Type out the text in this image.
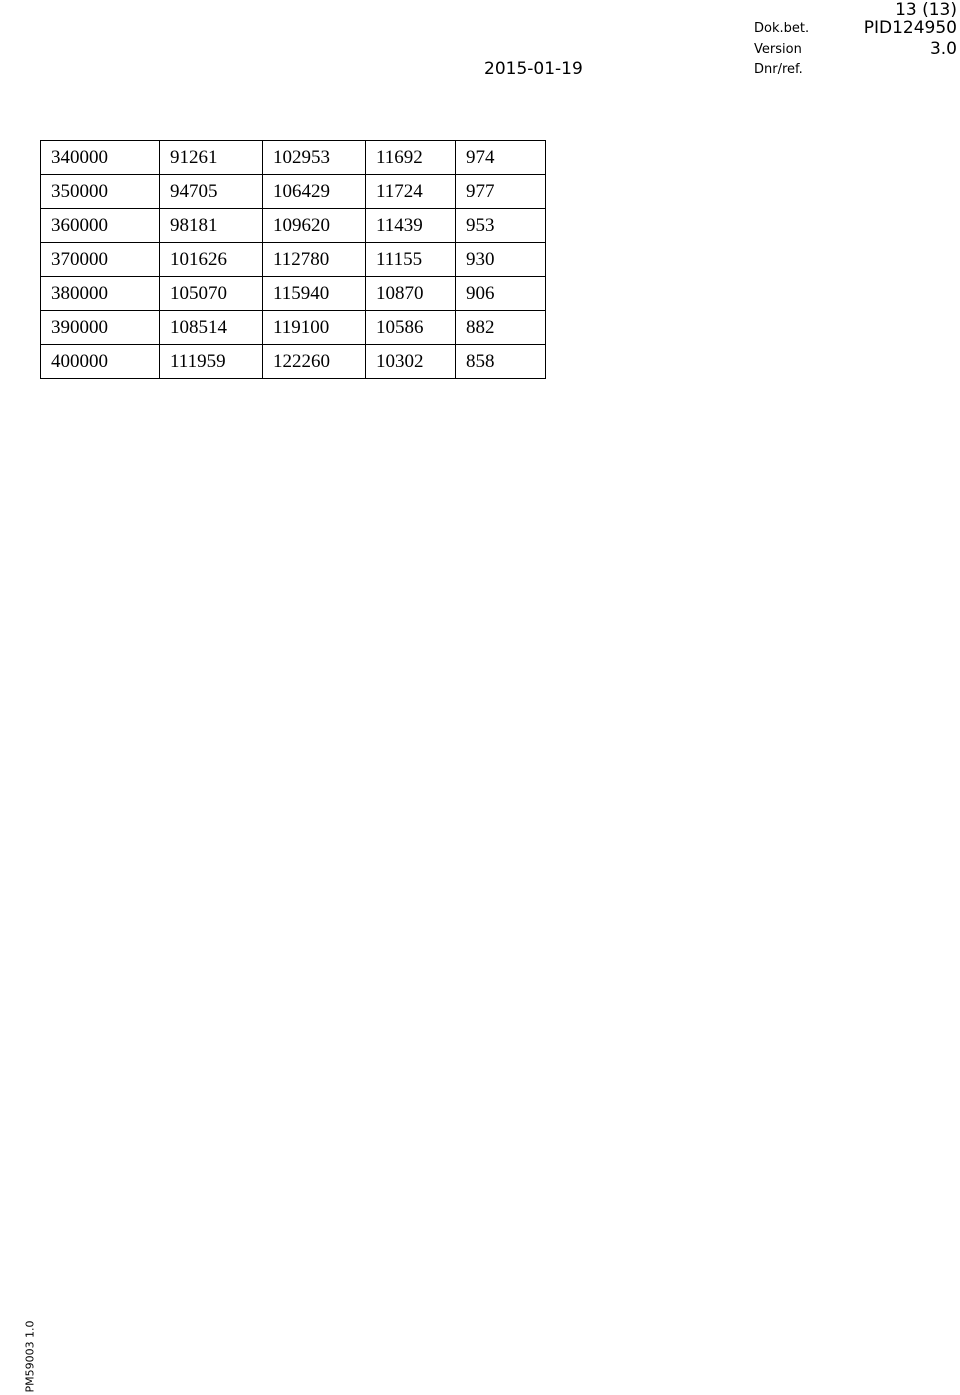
13 (13)
Dok.bet.	PID124950
Version	3.0
2015-01-19	Dnr/ref.
340000	91261	102953	11692	974
350000	94705	106429	11724	977
360000	98181	109620	11439	953
370000	101626	112780	11155	930
380000	105070	115940	10870	906
390000	108514	119100	10586	882
400000	111959	122260	10302	858
PM59003 1.0
